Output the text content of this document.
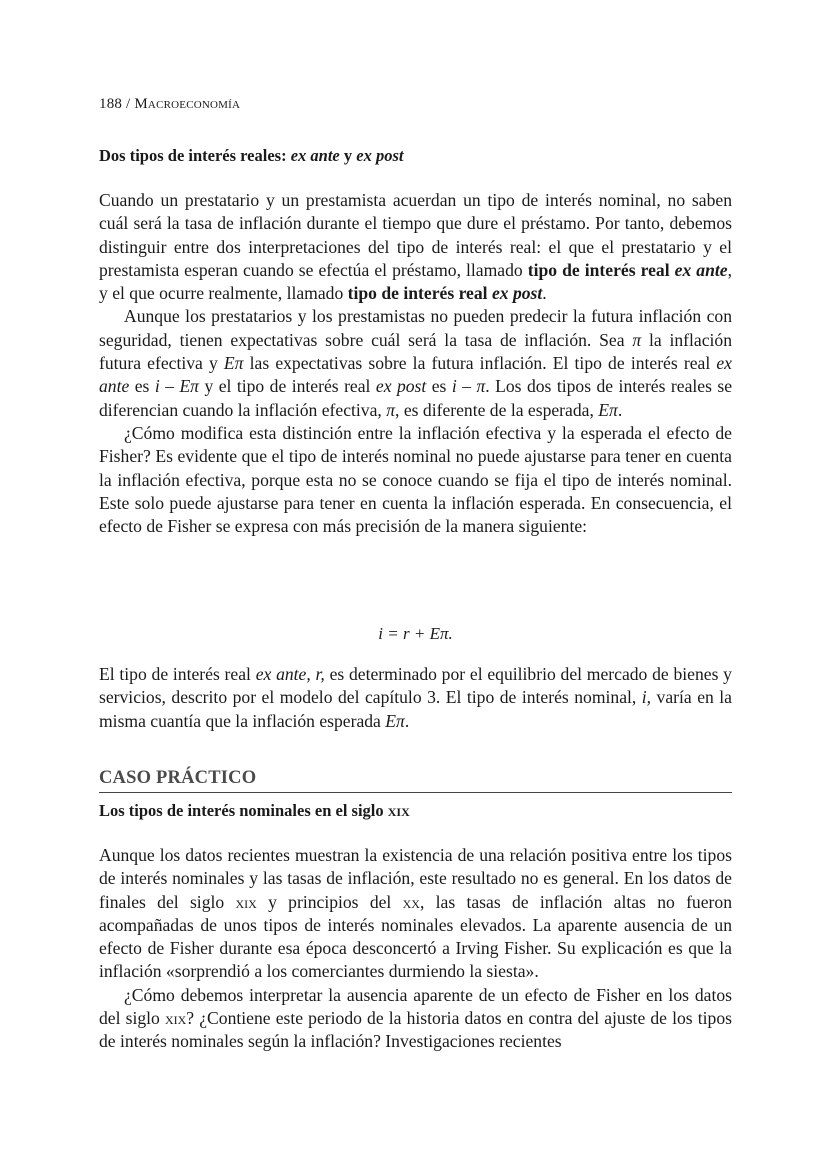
188 / Macroeconomía
Dos tipos de interés reales: ex ante y ex post

Cuando un prestatario y un prestamista acuerdan un tipo de interés nominal, no saben cuál será la tasa de inflación durante el tiempo que dure el préstamo. Por tanto, debemos distinguir entre dos interpretaciones del tipo de interés real: el que el prestatario y el prestamista esperan cuando se efectúa el préstamo, llamado tipo de interés real ex ante, y el que ocurre realmente, llamado tipo de interés real ex post.

Aunque los prestatarios y los prestamistas no pueden predecir la futura inflación con seguridad, tienen expectativas sobre cuál será la tasa de inflación. Sea π la inflación futura efectiva y Eπ las expectativas sobre la futura inflación. El tipo de interés real ex ante es i – Eπ y el tipo de interés real ex post es i – π. Los dos tipos de interés reales se diferencian cuando la inflación efectiva, π, es diferente de la esperada, Eπ.

¿Cómo modifica esta distinción entre la inflación efectiva y la esperada el efecto de Fisher? Es evidente que el tipo de interés nominal no puede ajustarse para tener en cuenta la inflación efectiva, porque esta no se conoce cuando se fija el tipo de interés nominal. Este solo puede ajustarse para tener en cuenta la inflación esperada. En consecuencia, el efecto de Fisher se expresa con más precisión de la manera siguiente:

i = r + Eπ.

El tipo de interés real ex ante, r, es determinado por el equilibrio del mercado de bienes y servicios, descrito por el modelo del capítulo 3. El tipo de interés nominal, i, varía en la misma cuantía que la inflación esperada Eπ.

CASO PRÁCTICO
Los tipos de interés nominales en el siglo xix

Aunque los datos recientes muestran la existencia de una relación positiva entre los tipos de interés nominales y las tasas de inflación, este resultado no es general. En los datos de finales del siglo xix y principios del xx, las tasas de inflación altas no fueron acompañadas de unos tipos de interés nominales elevados. La aparente ausencia de un efecto de Fisher durante esa época desconcertó a Irving Fisher. Su explicación es que la inflación «sorprendió a los comerciantes durmiendo la siesta».

¿Cómo debemos interpretar la ausencia aparente de un efecto de Fisher en los datos del siglo xix? ¿Contiene este periodo de la historia datos en contra del ajuste de los tipos de interés nominales según la inflación? Investigaciones recientes
